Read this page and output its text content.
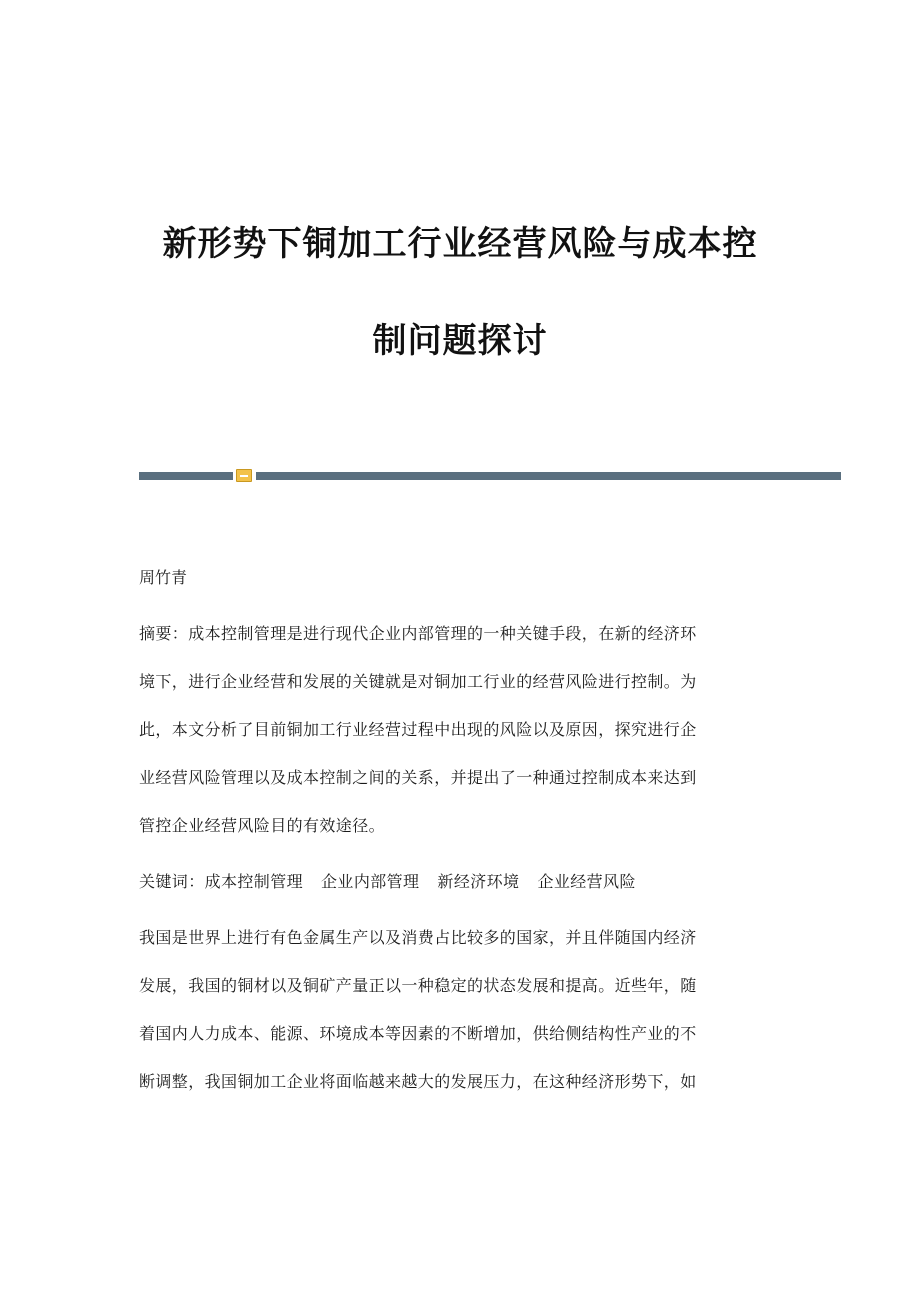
新形势下铜加工行业经营风险与成本控
制问题探讨
周竹青
摘要：成本控制管理是进行现代企业内部管理的一种关键手段，在新的经济环
境下，进行企业经营和发展的关键就是对铜加工行业的经营风险进行控制。为
此，本文分析了目前铜加工行业经营过程中出现的风险以及原因，探究进行企
业经营风险管理以及成本控制之间的关系，并提出了一种通过控制成本来达到
管控企业经营风险目的有效途径。
关键词：成本控制管理 企业内部管理 新经济环境 企业经营风险
我国是世界上进行有色金属生产以及消费占比较多的国家，并且伴随国内经济
发展，我国的铜材以及铜矿产量正以一种稳定的状态发展和提高。近些年，随
着国内人力成本、能源、环境成本等因素的不断增加，供给侧结构性产业的不
断调整，我国铜加工企业将面临越来越大的发展压力，在这种经济形势下，如
